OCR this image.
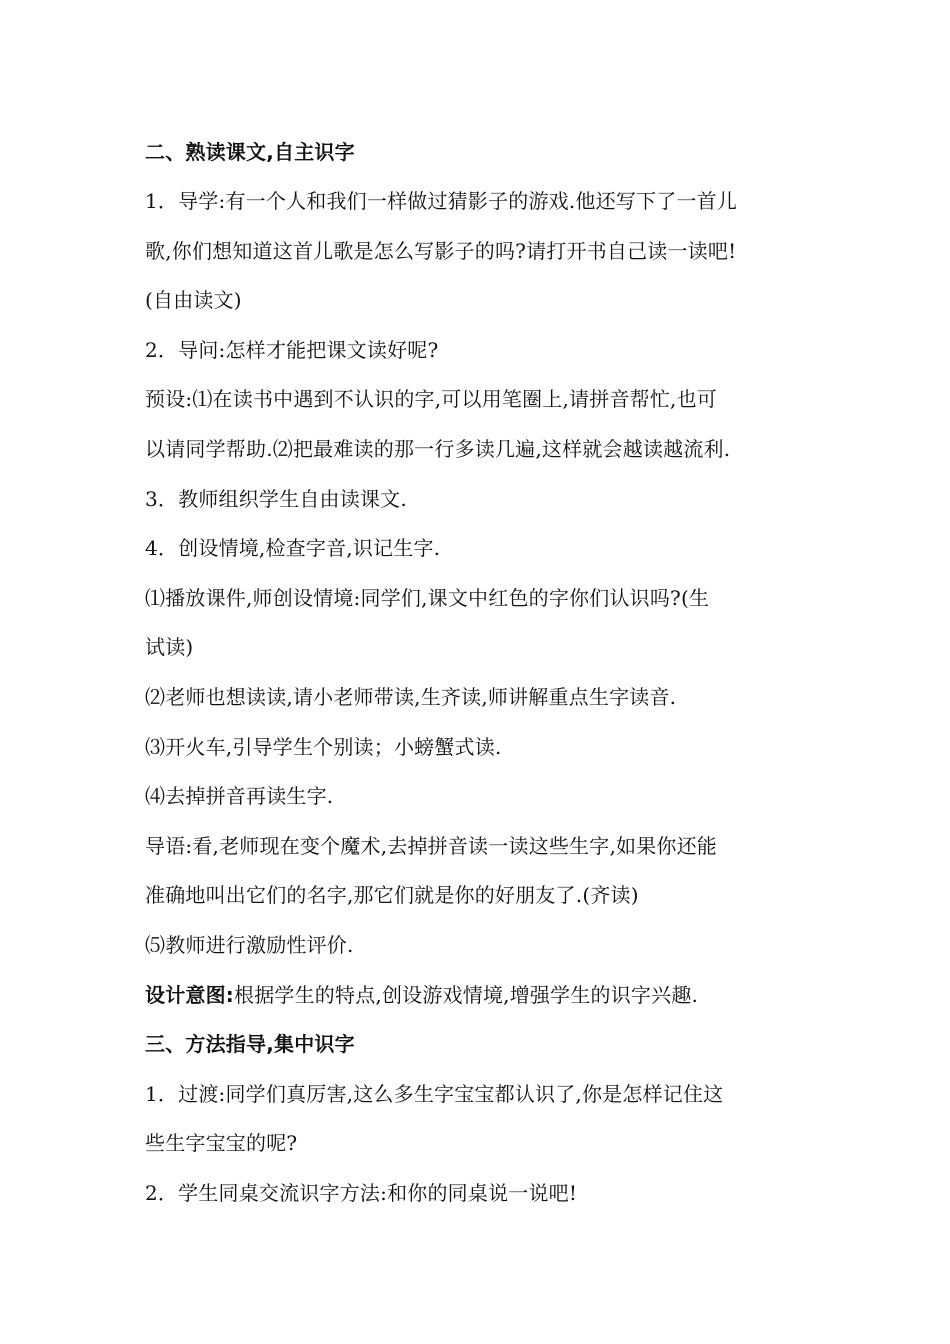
二、熟读课文,自主识字
1．导学:有一个人和我们一样做过猜影子的游戏.他还写下了一首儿
歌,你们想知道这首儿歌是怎么写影子的吗?请打开书自己读一读吧!
(自由读文)
2．导问:怎样才能把课文读好呢?
预设:⑴在读书中遇到不认识的字,可以用笔圈上,请拼音帮忙,也可
以请同学帮助.⑵把最难读的那一行多读几遍,这样就会越读越流利.
3．教师组织学生自由读课文.
4．创设情境,检查字音,识记生字.
⑴播放课件,师创设情境:同学们,课文中红色的字你们认识吗?(生
试读)
⑵老师也想读读,请小老师带读,生齐读,师讲解重点生字读音.
⑶开火车,引导学生个别读；小螃蟹式读.
⑷去掉拼音再读生字.
导语:看,老师现在变个魔术,去掉拼音读一读这些生字,如果你还能
准确地叫出它们的名字,那它们就是你的好朋友了.(齐读)
⑸教师进行激励性评价.
设计意图:根据学生的特点,创设游戏情境,增强学生的识字兴趣.
三、方法指导,集中识字
1．过渡:同学们真厉害,这么多生字宝宝都认识了,你是怎样记住这
些生字宝宝的呢?
2．学生同桌交流识字方法:和你的同桌说一说吧!
